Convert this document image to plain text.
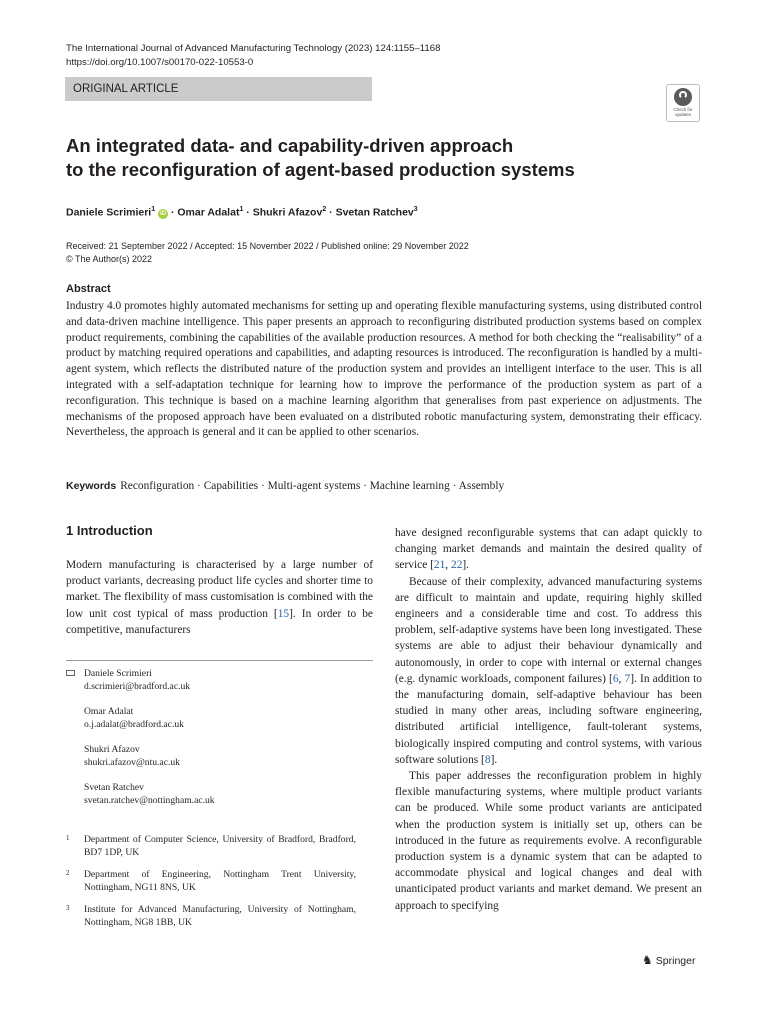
The International Journal of Advanced Manufacturing Technology (2023) 124:1155–1168
https://doi.org/10.1007/s00170-022-10553-0
ORIGINAL ARTICLE
Check for
updates
An integrated data- and capability-driven approach
to the reconfiguration of agent-based production systems
Daniele Scrimieri$^1$ iD · Omar Adalat$^1$ · Shukri Afazov$^2$ · Svetan Ratchev$^3$
Received: 21 September 2022 / Accepted: 15 November 2022 / Published online: 29 November 2022
© The Author(s) 2022
Abstract
Industry 4.0 promotes highly automated mechanisms for setting up and operating flexible manufacturing systems, using distributed control and data-driven machine intelligence. This paper presents an approach to reconfiguring distributed production systems based on complex product requirements, combining the capabilities of the available production resources. A method for both checking the “realisability” of a product by matching required operations and capabilities, and adapting resources is introduced. The reconfiguration is handled by a multi-agent system, which reflects the distributed nature of the production system and provides an intelligent interface to the user. This is all integrated with a self-adaptation technique for learning how to improve the performance of the production system as part of a reconfiguration. This technique is based on a machine learning algorithm that generalises from past experience on adjustments. The mechanisms of the proposed approach have been evaluated on a distributed robotic manufacturing system, demonstrating their efficacy. Nevertheless, the approach is general and it can be applied to other scenarios.
Keywords Reconfiguration · Capabilities · Multi-agent systems · Machine learning · Assembly
1 Introduction

Modern manufacturing is characterised by a large number of product variants, decreasing product life cycles and shorter time to market. The flexibility of mass customisation is combined with the low unit cost typical of mass production [15]. In order to be competitive, manufacturers

Daniele Scrimieri
d.scrimieri@bradford.ac.uk
Omar Adalat
o.j.adalat@bradford.ac.uk
Shukri Afazov
shukri.afazov@ntu.ac.uk
Svetan Ratchev
svetan.ratchev@nottingham.ac.uk
1 Department of Computer Science, University of Bradford, Bradford, BD7 1DP, UK
2 Department of Engineering, Nottingham Trent University, Nottingham, NG11 8NS, UK
3 Institute for Advanced Manufacturing, University of Nottingham, Nottingham, NG8 1BB, UK

have designed reconfigurable systems that can adapt quickly to changing market demands and maintain the desired quality of service [21, 22].

Because of their complexity, advanced manufacturing systems are difficult to maintain and update, requiring highly skilled engineers and a considerable time and cost. To address this problem, self-adaptive systems have been long investigated. These systems are able to adjust their behaviour dynamically and autonomously, in order to cope with internal or external changes (e.g. dynamic workloads, component failures) [6, 7]. In addition to the manufacturing domain, self-adaptive behaviour has been studied in many other areas, including software engineering, distributed artificial intelligence, fault-tolerant systems, biologically inspired computing and control systems, with various software solutions [8].

This paper addresses the reconfiguration problem in highly flexible manufacturing systems, where multiple product variants can be produced. While some product variants are anticipated when the production system is initially set up, others can be introduced in the future as requirements evolve. A reconfigurable production system is a dynamic system that can be adapted to accommodate physical and logical changes and deal with unanticipated product variants and market demand. We present an approach to specifying

♞ Springer
